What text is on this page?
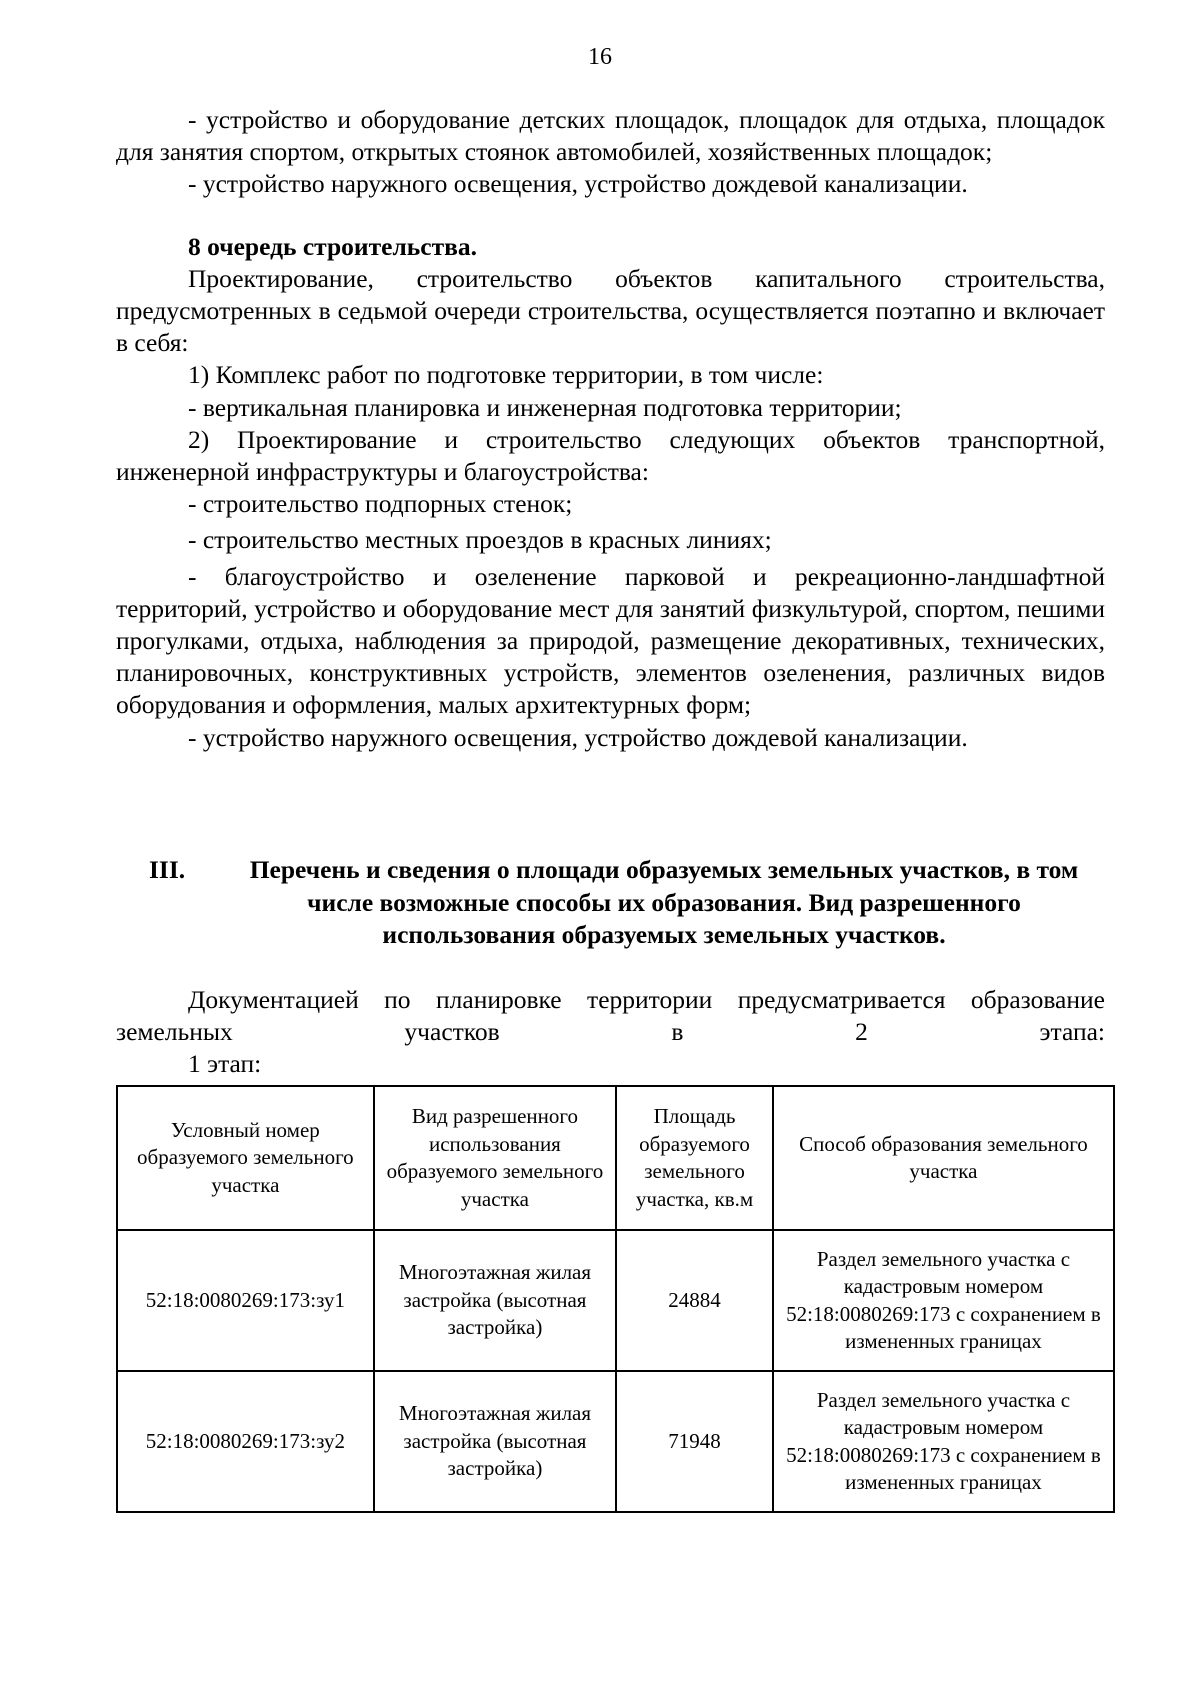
16

- устройство и оборудование детских площадок, площадок для отдыха, площадок для занятия спортом, открытых стоянок автомобилей, хозяйственных площадок;

- устройство наружного освещения, устройство дождевой канализации.

8 очередь строительства.

Проектирование, строительство объектов капитального строительства, предусмотренных в седьмой очереди строительства, осуществляется поэтапно и включает в себя:

1) Комплекс работ по подготовке территории, в том числе:

- вертикальная планировка и инженерная подготовка территории;

2) Проектирование и строительство следующих объектов транспортной, инженерной инфраструктуры и благоустройства:

- строительство подпорных стенок;

- строительство местных проездов в красных линиях;

- благоустройство и озеленение парковой и рекреационно-ландшафтной территорий, устройство и оборудование мест для занятий физкультурой, спортом, пешими прогулками, отдыха, наблюдения за природой, размещение декоративных, технических, планировочных, конструктивных устройств, элементов озеленения, различных видов оборудования и оформления, малых архитектурных форм;

- устройство наружного освещения, устройство дождевой канализации.

III.	Перечень и сведения о площади образуемых земельных участков, в том числе возможные способы их образования. Вид разрешенного использования образуемых земельных участков.

Документацией по планировке территории предусматривается образование земельных участков в 2 этапа:

1 этап:

Условный номер образуемого земельного участка	Вид разрешенного использования образуемого земельного участка	Площадь образуемого земельного участка, кв.м	Способ образования земельного участка
52:18:0080269:173:зу1	Многоэтажная жилая застройка (высотная застройка)	24884	Раздел земельного участка с кадастровым номером 52:18:0080269:173 с сохранением в измененных границах
52:18:0080269:173:зу2	Многоэтажная жилая застройка (высотная застройка)	71948	Раздел земельного участка с кадастровым номером 52:18:0080269:173 с сохранением в измененных границах
